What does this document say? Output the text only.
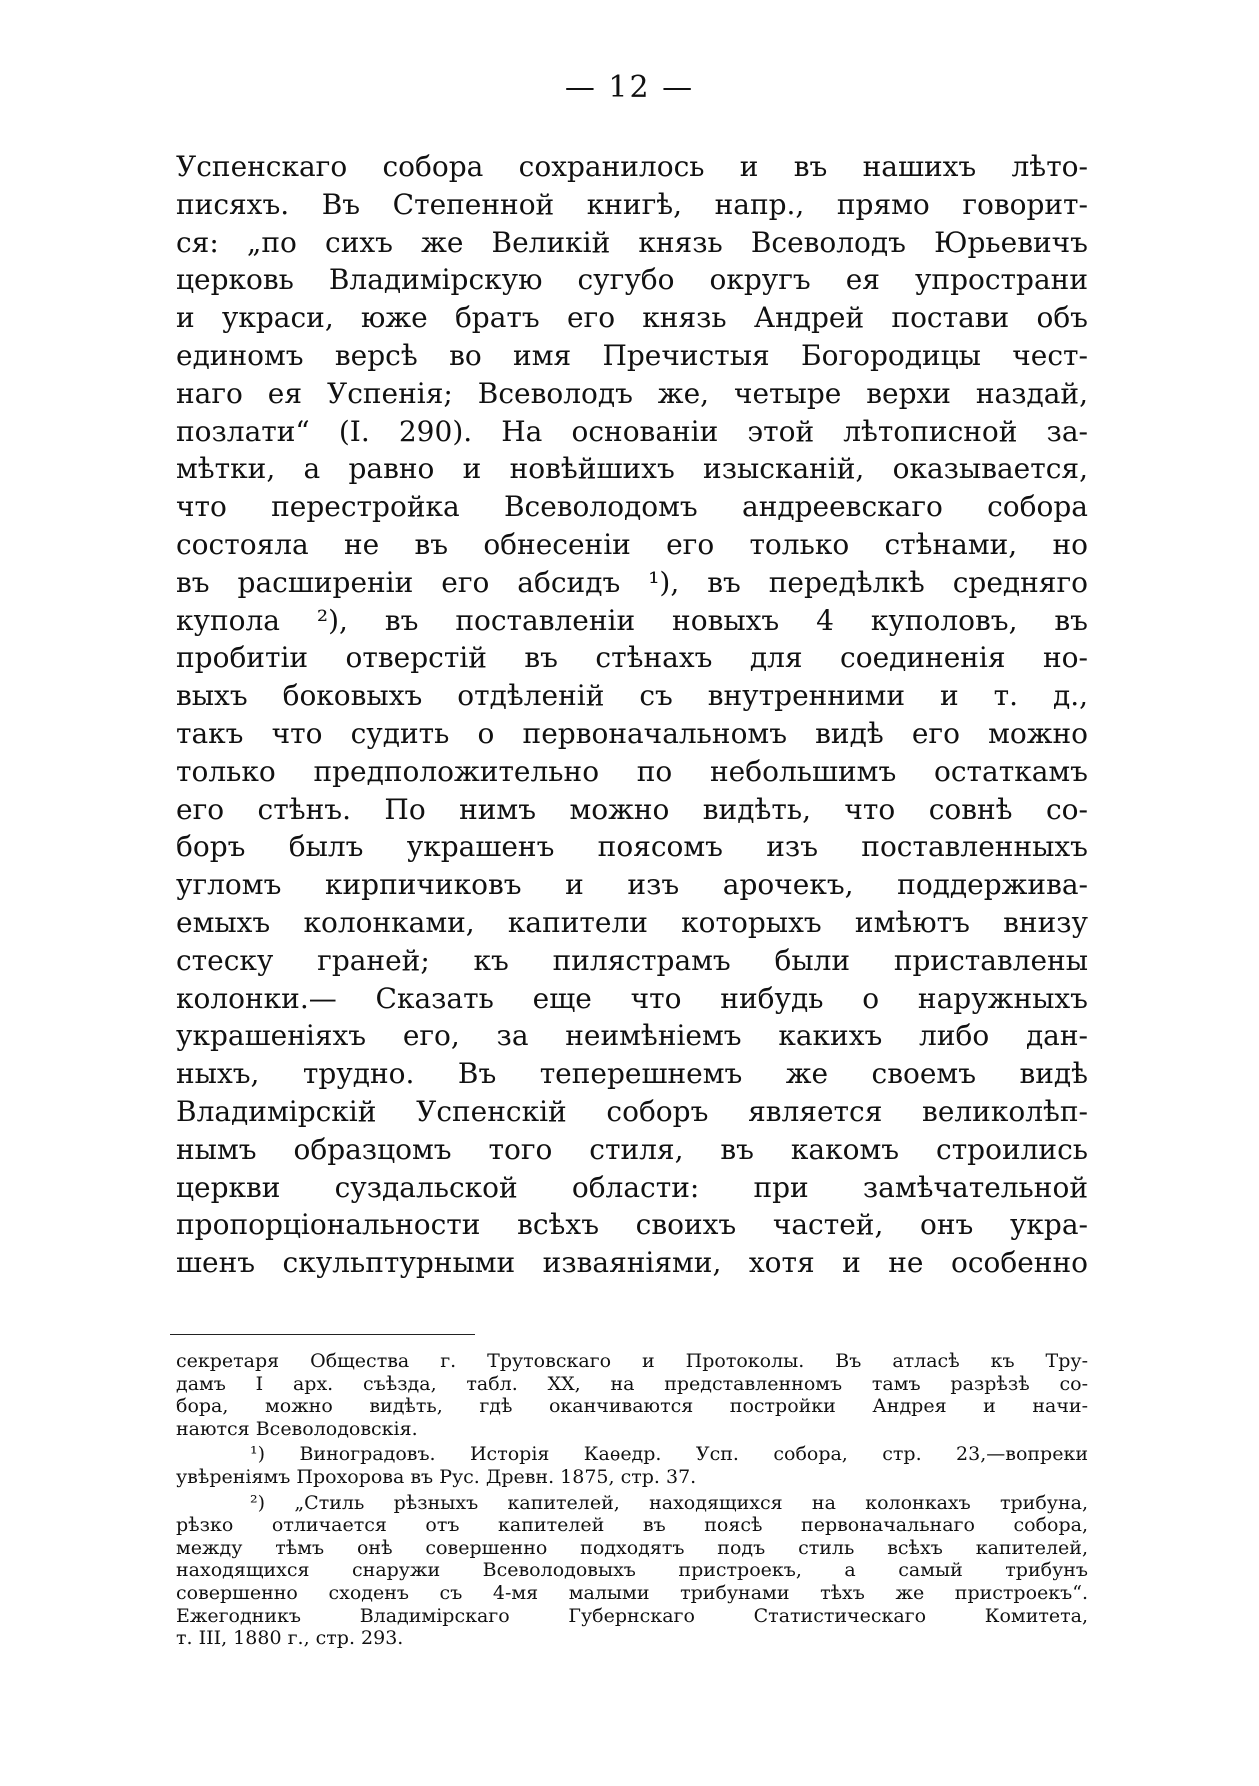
— 12 —
Успенскаго собора сохранилось и въ нашихъ лѣто-
писяхъ. Въ Степенной книгѣ, напр., прямо говорит-
ся: „по сихъ же Великій князь Всеволодъ Юрьевичъ
церковь Владимірскую сугубо округъ ея упространи
и украси, юже братъ его князь Андрей постави объ
единомъ версѣ во имя Пречистыя Богородицы чест-
наго ея Успенія; Всеволодъ же, четыре верхи наздай,
позлати“ (I. 290). На основаніи этой лѣтописной за-
мѣтки, а равно и новѣйшихъ изысканій, оказывается,
что перестройка Всеволодомъ андреевскаго собора
состояла не въ обнесеніи его только стѣнами, но
въ расширеніи его абсидъ ¹), въ передѣлкѣ средняго
купола ²), въ поставленіи новыхъ 4 куполовъ, въ
пробитіи отверстій въ стѣнахъ для соединенія но-
выхъ боковыхъ отдѣленій съ внутренними и т. д.,
такъ что судить о первоначальномъ видѣ его можно
только предположительно по небольшимъ остаткамъ
его стѣнъ. По нимъ можно видѣть, что совнѣ со-
боръ былъ украшенъ поясомъ изъ поставленныхъ
угломъ кирпичиковъ и изъ арочекъ, поддержива-
емыхъ колонками, капители которыхъ имѣютъ внизу
стеску граней; къ пилястрамъ были приставлены
колонки.— Сказать еще что нибудь о наружныхъ
украшеніяхъ его, за неимѣніемъ какихъ либо дан-
ныхъ, трудно. Въ теперешнемъ же своемъ видѣ
Владимірскій Успенскій соборъ является великолѣп-
нымъ образцомъ того стиля, въ какомъ строились
церкви суздальской области: при замѣчательной
пропорціональности всѣхъ своихъ частей, онъ укра-
шенъ скульптурными изваяніями, хотя и не особенно
секретаря Общества г. Трутовскаго и Протоколы. Въ атласѣ къ Тру-
дамъ I арх. съѣзда, табл. XX, на представленномъ тамъ разрѣзѣ со-
бора, можно видѣть, гдѣ оканчиваются постройки Андрея и начи-
наются Всеволодовскія.
¹) Виноградовъ. Исторія Каѳедр. Усп. собора, стр. 23,—вопреки
увѣреніямъ Прохорова въ Рус. Древн. 1875, стр. 37.
²) „Стиль рѣзныхъ капителей, находящихся на колонкахъ трибуна,
рѣзко отличается отъ капителей въ поясѣ первоначальнаго собора,
между тѣмъ онѣ совершенно подходятъ подъ стиль всѣхъ капителей,
находящихся снаружи Всеволодовыхъ пристроекъ, а самый трибунъ
совершенно сходенъ съ 4-мя малыми трибунами тѣхъ же пристроекъ“.
Ежегодникъ Владимірскаго Губернскаго Статистическаго Комитета,
т. III, 1880 г., стр. 293.
